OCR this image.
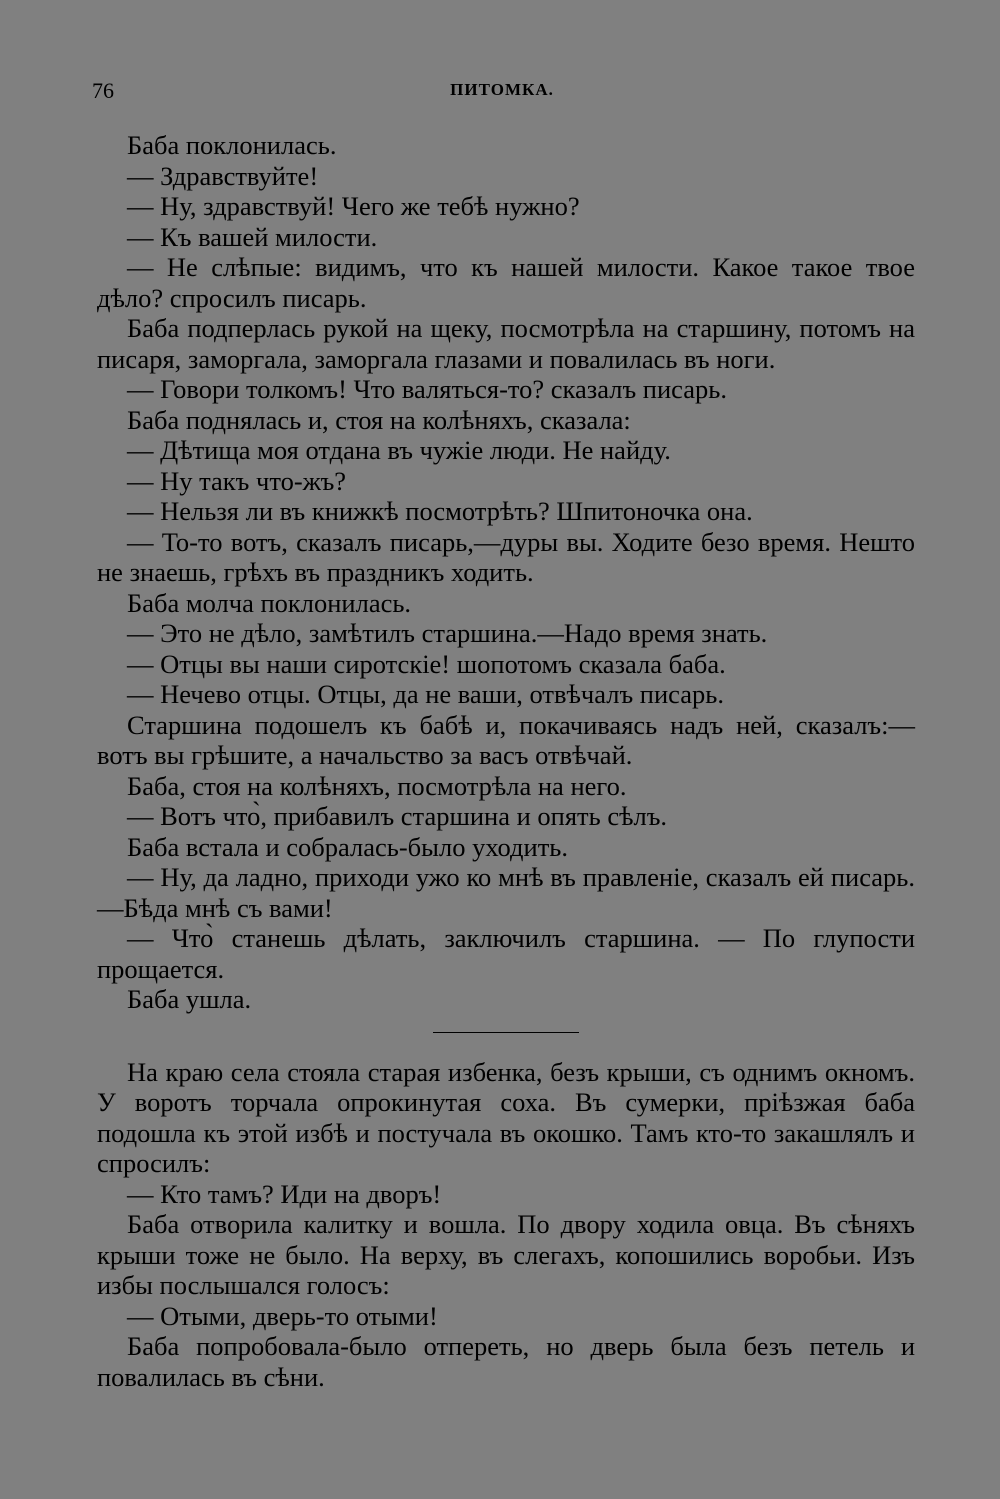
76	ПИТОМКА.

Баба поклонилась.

— Здравствуйте!

— Ну, здравствуй! Чего же тебѣ нужно?

— Къ вашей милости.

— Не слѣпые: видимъ, что къ нашей милости. Какое такое твое дѣло? спросилъ писарь.

Баба подперлась рукой на щеку, посмотрѣла на старшину, потомъ на писаря, заморгала, заморгала глазами и повалилась въ ноги.

— Говори толкомъ! Что валяться-то? сказалъ писарь.

Баба поднялась и, стоя на колѣняхъ, сказала:

— Дѣтища моя отдана въ чужіе люди. Не найду.

— Ну такъ что-жъ?

— Нельзя ли въ книжкѣ посмотрѣть? Шпитоночка она.

— То-то вотъ, сказалъ писарь,—дуры вы. Ходите безо время. Нешто не знаешь, грѣхъ въ праздникъ ходить.

Баба молча поклонилась.

— Это не дѣло, замѣтилъ старшина.—Надо время знать.

— Отцы вы наши сиротскіе! шопотомъ сказала баба.

— Нечево отцы. Отцы, да не ваши, отвѣчалъ писарь.

Старшина подошелъ къ бабѣ и, покачиваясь надъ ней, сказалъ:—вотъ вы грѣшите, а начальство за васъ отвѣчай.

Баба, стоя на колѣняхъ, посмотрѣла на него.

— Вотъ что̀, прибавилъ старшина и опять сѣлъ.

Баба встала и собралась-было уходить.

— Ну, да ладно, приходи ужо ко мнѣ въ правленіе, сказалъ ей писарь.—Бѣда мнѣ съ вами!

— Что̀ станешь дѣлать, заключилъ старшина. — По глупости прощается.

Баба ушла.

На краю села стояла старая избенка, безъ крыши, съ однимъ окномъ. У воротъ торчала опрокинутая соха. Въ сумерки, пріѣзжая баба подошла къ этой избѣ и постучала въ окошко. Тамъ кто-то закашлялъ и спросилъ:

— Кто тамъ? Иди на дворъ!

Баба отворила калитку и вошла. По двору ходила овца. Въ сѣняхъ крыши тоже не было. На верху, въ слегахъ, копошились воробьи. Изъ избы послышался голосъ:

— Отыми, дверь-то отыми!

Баба попробовала-было отпереть, но дверь была безъ петель и повалилась въ сѣни.
